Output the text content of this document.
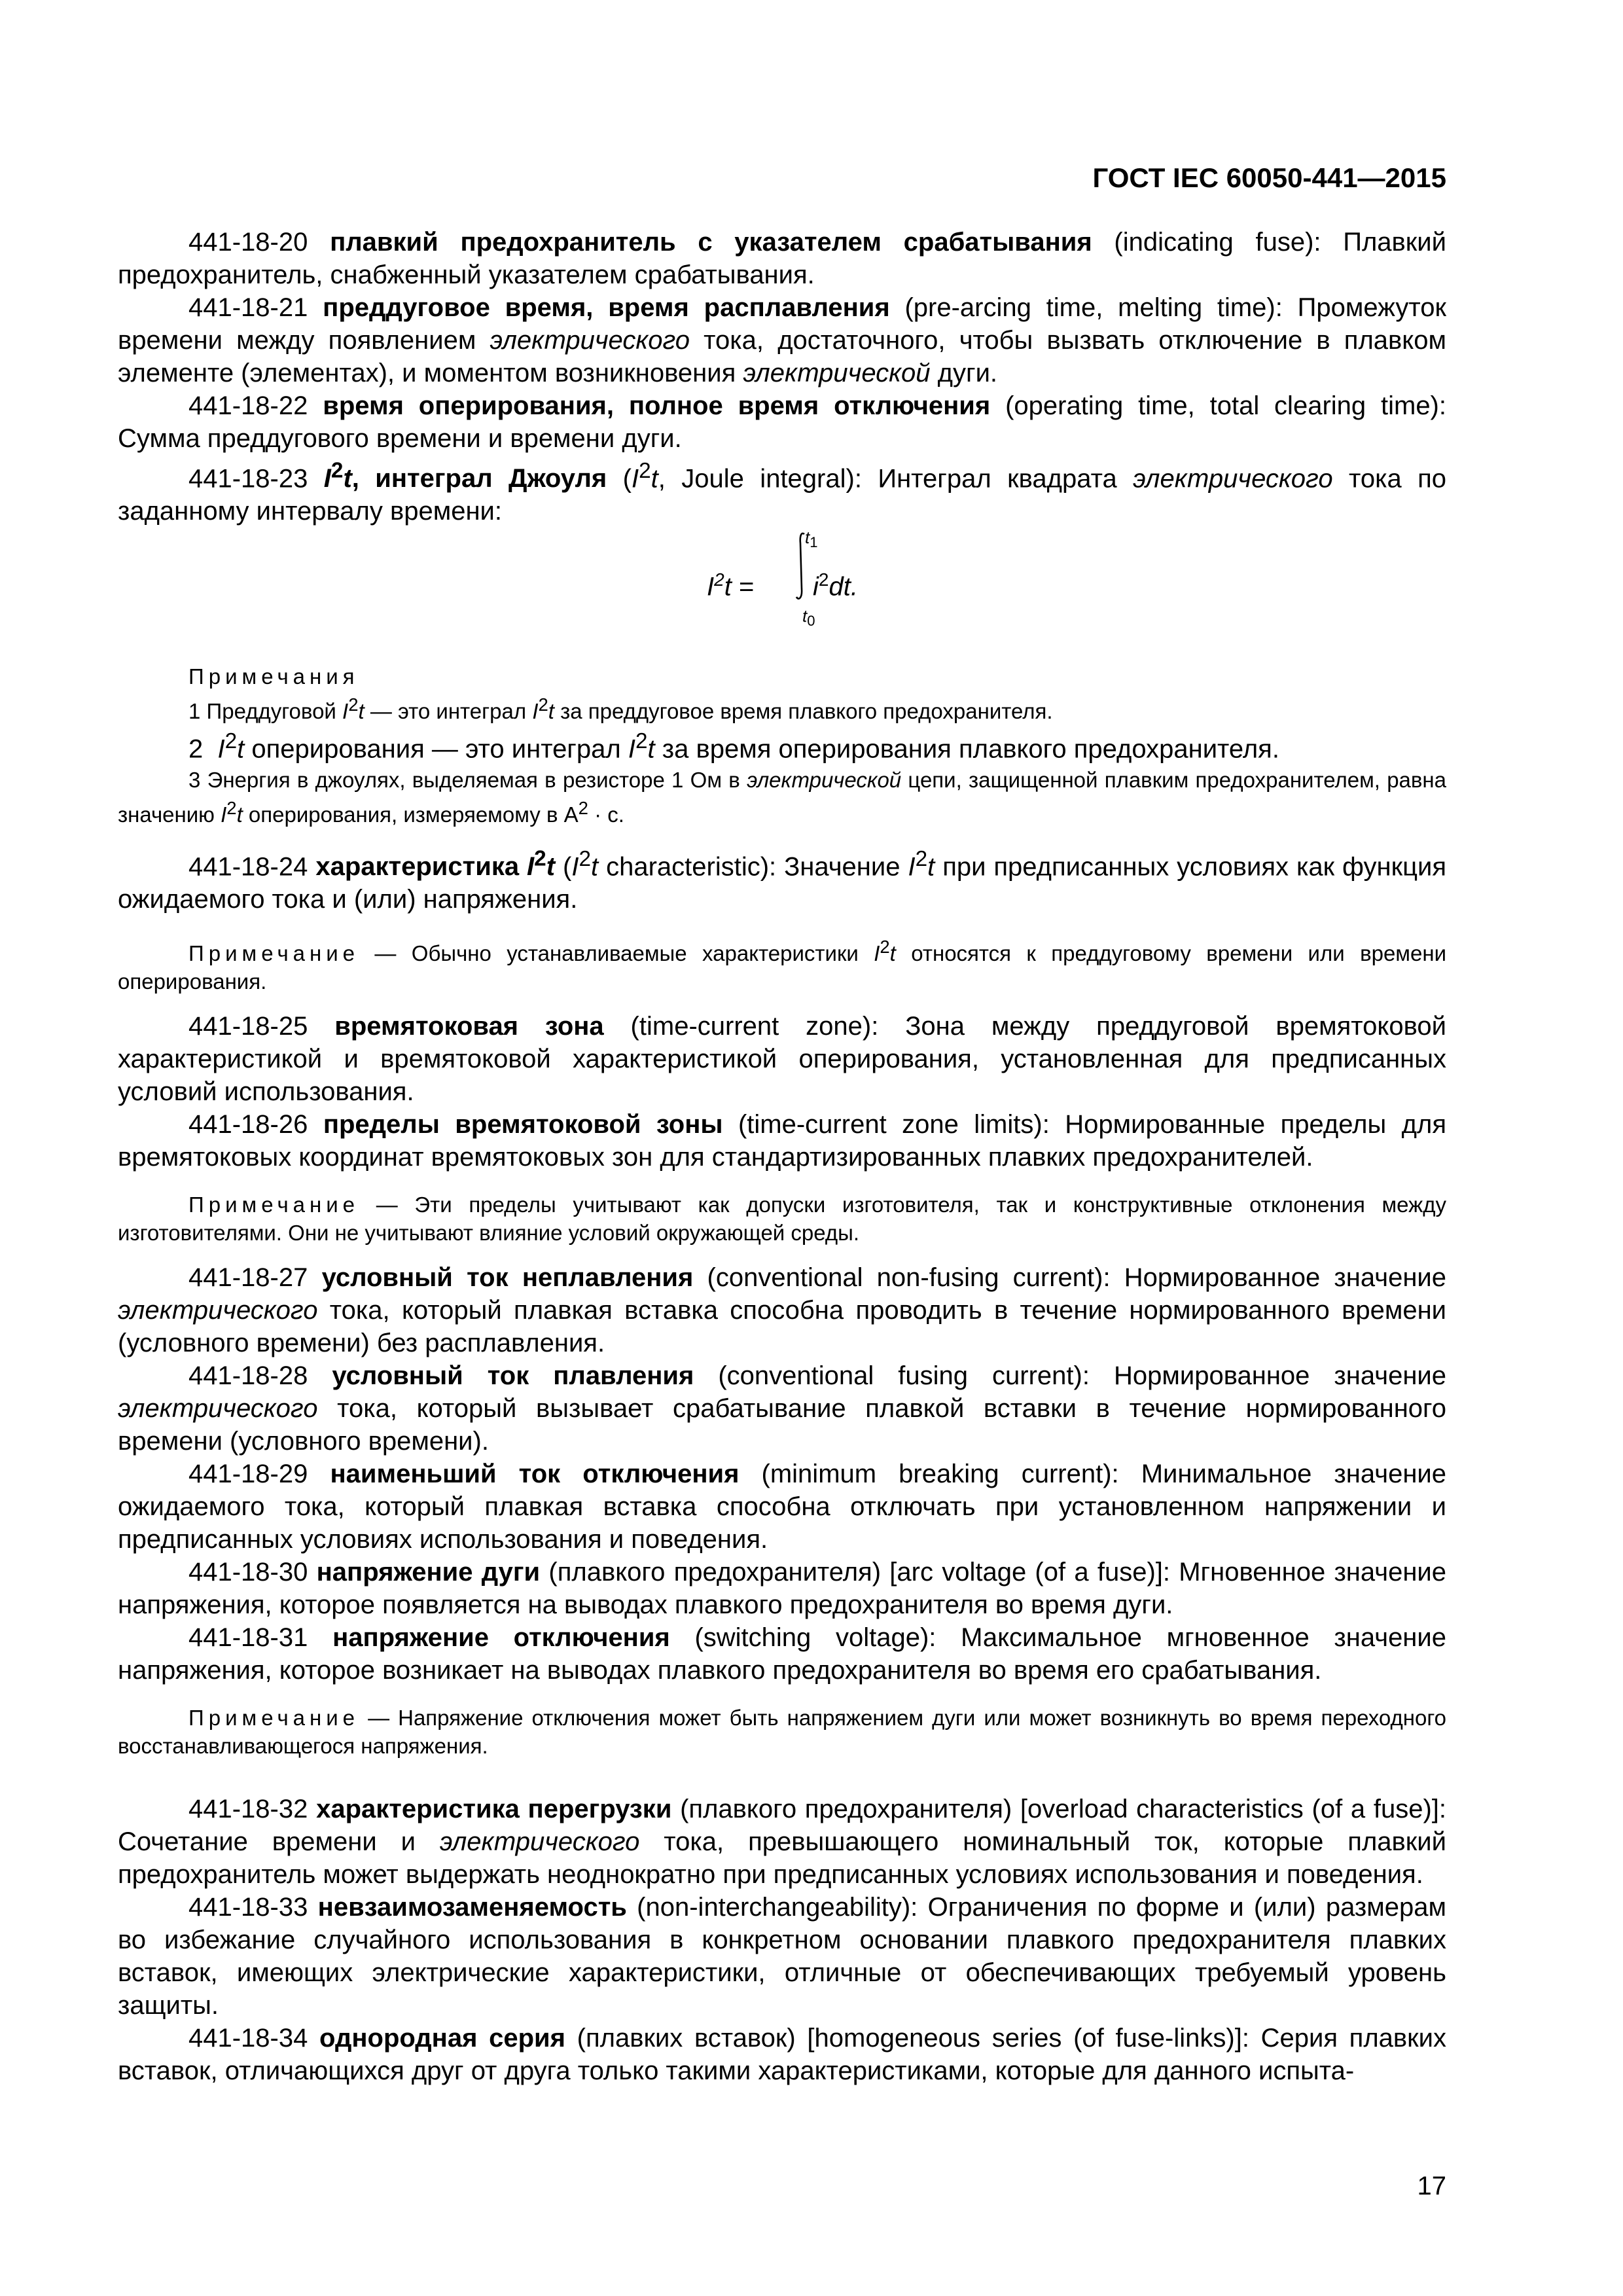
ГОСТ IEC 60050-441—2015

441-18-20 плавкий предохранитель с указателем срабатывания (indicating fuse): Плавкий предохранитель, снабженный указателем срабатывания.

441-18-21 преддуговое время, время расплавления (pre-arcing time, melting time): Промежуток времени между появлением электрического тока, достаточного, чтобы вызвать отключение в плавком элементе (элементах), и моментом возникновения электрической дуги.

441-18-22 время оперирования, полное время отключения (operating time, total clearing time): Сумма преддугового времени и времени дуги.

441-18-23 $I^2t$, интеграл Джоуля ($I^2t$, Joule integral): Интеграл квадрата электрического тока по заданному интервалу времени:

$I^2t$ =
$t_1$
$i^2dt$.
$t_0$
Примечания
1 Преддуговой $I^2t$ — это интеграл $I^2t$ за преддуговое время плавкого предохранителя.
2 $I^2t$ оперирования — это интеграл $I^2t$ за время оперирования плавкого предохранителя.

3 Энергия в джоулях, выделяемая в резисторе 1 Ом в электрической цепи, защищенной плавким предохранителем, равна значению $I^2t$ оперирования, измеряемому в $А^2 \cdot с$.

441-18-24 характеристика $I^2t$ ($I^2t$ characteristic): Значение $I^2t$ при предписанных условиях как функция ожидаемого тока и (или) напряжения.

Примечание — Обычно устанавливаемые характеристики $I^2t$ относятся к преддуговому времени или времени оперирования.

441-18-25 времятоковая зона (time-current zone): Зона между преддуговой времятоковой характеристикой и времятоковой характеристикой оперирования, установленная для предписанных условий использования.

441-18-26 пределы времятоковой зоны (time-current zone limits): Нормированные пределы для времятоковых координат времятоковых зон для стандартизированных плавких предохранителей.

Примечание — Эти пределы учитывают как допуски изготовителя, так и конструктивные отклонения между изготовителями. Они не учитывают влияние условий окружающей среды.

441-18-27 условный ток неплавления (conventional non-fusing current): Нормированное значение электрического тока, который плавкая вставка способна проводить в течение нормированного времени (условного времени) без расплавления.

441-18-28 условный ток плавления (conventional fusing current): Нормированное значение электрического тока, который вызывает срабатывание плавкой вставки в течение нормированного времени (условного времени).

441-18-29 наименьший ток отключения (minimum breaking current): Минимальное значение ожидаемого тока, который плавкая вставка способна отключать при установленном напряжении и предписанных условиях использования и поведения.

441-18-30 напряжение дуги (плавкого предохранителя) [arc voltage (of a fuse)]: Мгновенное значение напряжения, которое появляется на выводах плавкого предохранителя во время дуги.

441-18-31 напряжение отключения (switching voltage): Максимальное мгновенное значение напряжения, которое возникает на выводах плавкого предохранителя во время его срабатывания.

Примечание — Напряжение отключения может быть напряжением дуги или может возникнуть во время переходного восстанавливающегося напряжения.

441-18-32 характеристика перегрузки (плавкого предохранителя) [overload characteristics (of a fuse)]: Сочетание времени и электрического тока, превышающего номинальный ток, которые плавкий предохранитель может выдержать неоднократно при предписанных условиях использования и поведения.

441-18-33 невзаимозаменяемость (non-interchangeability): Ограничения по форме и (или) размерам во избежание случайного использования в конкретном основании плавкого предохранителя плавких вставок, имеющих электрические характеристики, отличные от обеспечивающих требуемый уровень защиты.

441-18-34 однородная серия (плавких вставок) [homogeneous series (of fuse-links)]: Серия плавких вставок, отличающихся друг от друга только такими характеристиками, которые для данного испыта-

17
